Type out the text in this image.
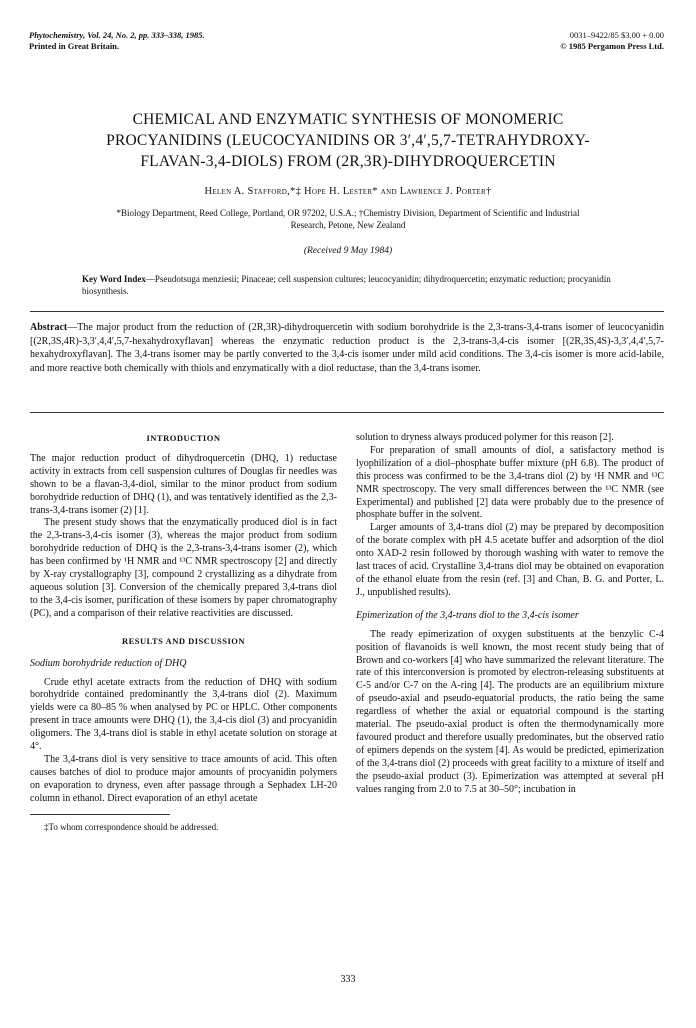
Phytochemistry, Vol. 24, No. 2, pp. 333–338, 1985.
Printed in Great Britain.
0031–9422/85 $3.00 + 0.00
© 1985 Pergamon Press Ltd.
CHEMICAL AND ENZYMATIC SYNTHESIS OF MONOMERIC
PROCYANIDINS (LEUCOCYANIDINS OR 3′,4′,5,7-TETRAHYDROXY-
FLAVAN-3,4-DIOLS) FROM (2R,3R)-DIHYDROQUERCETIN
Helen A. Stafford,*‡ Hope H. Lester* and Lawrence J. Porter†
*Biology Department, Reed College, Portland, OR 97202, U.S.A.; †Chemistry Division, Department of Scientific and Industrial
Research, Petone, New Zealand
(Received 9 May 1984)
Key Word Index—Pseudotsuga menziesii; Pinaceae; cell suspension cultures; leucocyanidin; dihydroquercetin; enzymatic reduction; procyanidin biosynthesis.
Abstract—The major product from the reduction of (2R,3R)-dihydroquercetin with sodium borohydride is the 2,3-trans-3,4-trans isomer of leucocyanidin [(2R,3S,4R)-3,3′,4,4′,5,7-hexahydroxyflavan] whereas the enzymatic reduction product is the 2,3-trans-3,4-cis isomer [(2R,3S,4S)-3,3′,4,4′,5,7-hexahydroxyflavan]. The 3,4-trans isomer may be partly converted to the 3,4-cis isomer under mild acid conditions. The 3,4-cis isomer is more acid-labile, and more reactive both chemically with thiols and enzymatically with a diol reductase, than the 3,4-trans isomer.
INTRODUCTION

The major reduction product of dihydroquercetin (DHQ, 1) reductase activity in extracts from cell suspension cultures of Douglas fir needles was shown to be a flavan-3,4-diol, similar to the minor product from sodium borohydride reduction of DHQ (1), and was tentatively identified as the 2,3-trans-3,4-trans isomer (2) [1].

The present study shows that the enzymatically produced diol is in fact the 2,3-trans-3,4-cis isomer (3), whereas the major product from sodium borohydride reduction of DHQ is the 2,3-trans-3,4-trans isomer (2), which has been confirmed by ¹H NMR and ¹³C NMR spectroscopy [2] and directly by X-ray crystallography [3], compound 2 crystallizing as a dihydrate from aqueous solution [3]. Conversion of the chemically prepared 3,4-trans diol to the 3,4-cis isomer, purification of these isomers by paper chromatography (PC), and a comparison of their relative reactivities are discussed.

RESULTS AND DISCUSSION
Sodium borohydride reduction of DHQ

Crude ethyl acetate extracts from the reduction of DHQ with sodium borohydride contained predominantly the 3,4-trans diol (2). Maximum yields were ca 80–85 % when analysed by PC or HPLC. Other components present in trace amounts were DHQ (1), the 3,4-cis diol (3) and procyanidin oligomers. The 3,4-trans diol is stable in ethyl acetate solution on storage at 4°.

The 3,4-trans diol is very sensitive to trace amounts of acid. This often causes batches of diol to produce major amounts of procyanidin polymers on evaporation to dryness, even after passage through a Sephadex LH-20 column in ethanol. Direct evaporation of an ethyl acetate

‡To whom correspondence should be addressed.

solution to dryness always produced polymer for this reason [2].

For preparation of small amounts of diol, a satisfactory method is lyophilization of a diol–phosphate buffer mixture (pH 6.8). The product of this process was confirmed to be the 3,4-trans diol (2) by ¹H NMR and ¹³C NMR spectroscopy. The very small differences between the ¹³C NMR (see Experimental) and published [2] data were probably due to the presence of phosphate buffer in the solvent.

Larger amounts of 3,4-trans diol (2) may be prepared by decomposition of the borate complex with pH 4.5 acetate buffer and adsorption of the diol onto XAD-2 resin followed by thorough washing with water to remove the last traces of acid. Crystalline 3,4-trans diol may be obtained on evaporation of the ethanol eluate from the resin (ref. [3] and Chan, B. G. and Porter, L. J., unpublished results).

Epimerization of the 3,4-trans diol to the 3,4-cis isomer

The ready epimerization of oxygen substituents at the benzylic C-4 position of flavanoids is well known, the most recent study being that of Brown and co-workers [4] who have summarized the relevant literature. The rate of this interconversion is promoted by electron-releasing substituents at C-5 and/or C-7 on the A-ring [4]. The products are an equilibrium mixture of pseudo-axial and pseudo-equatorial products, the ratio being the same regardless of whether the axial or equatorial compound is the starting material. The pseudo-axial product is often the thermodynamically more favoured product and therefore usually predominates, but the observed ratio of epimers depends on the system [4]. As would be predicted, epimerization of the 3,4-trans diol (2) proceeds with great facility to a mixture of itself and the pseudo-axial product (3). Epimerization was attempted at several pH values ranging from 2.0 to 7.5 at 30–50°; incubation in

333
